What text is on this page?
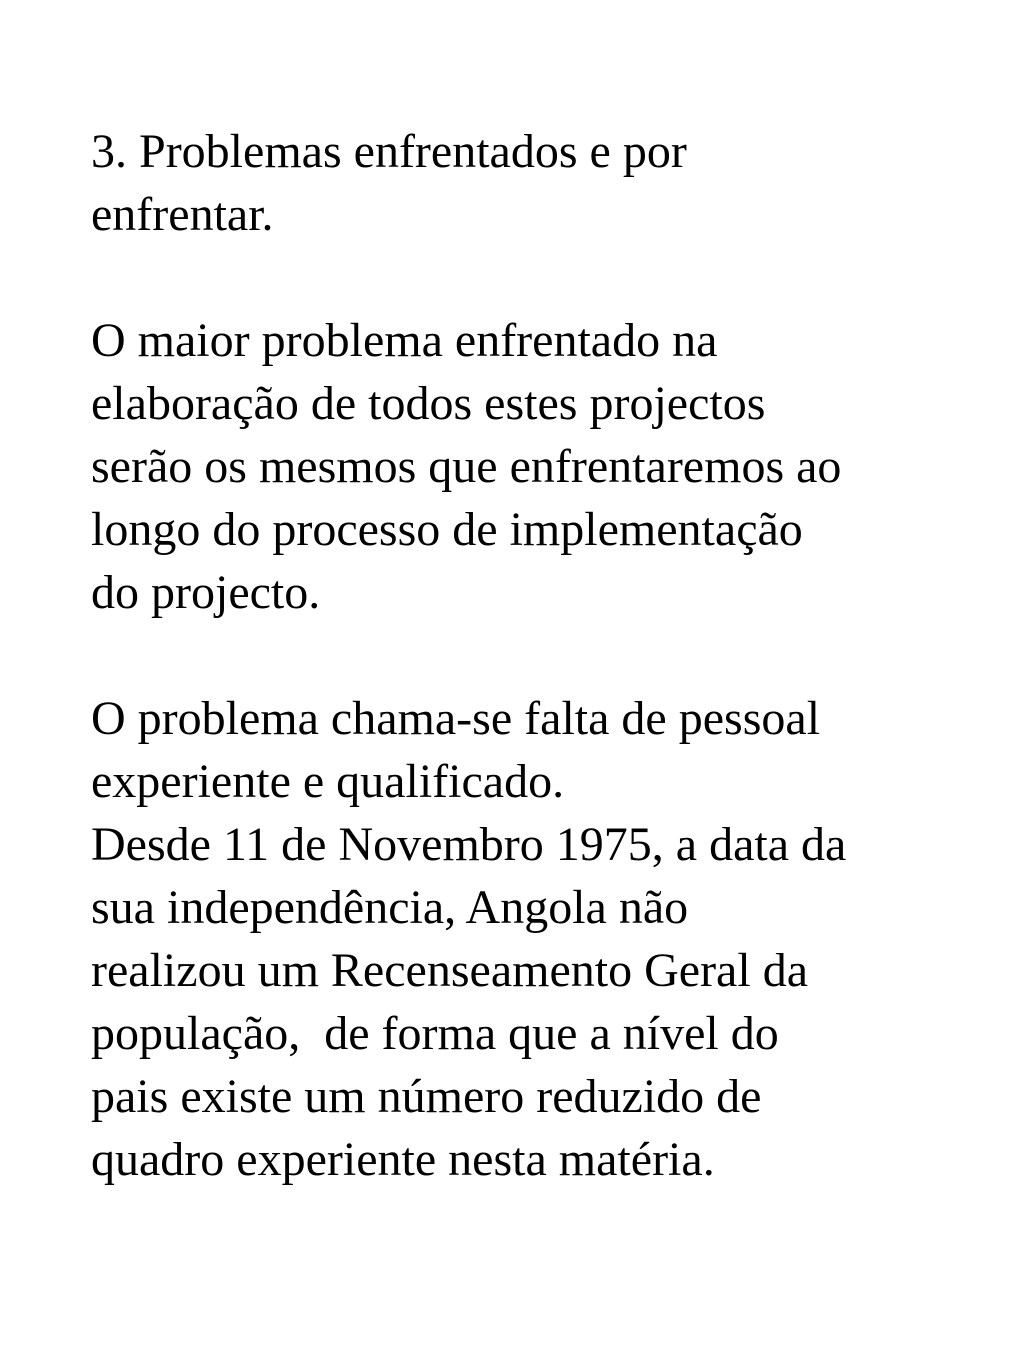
3. Problemas enfrentados e por
enfrentar.
O maior problema enfrentado na
elaboração de todos estes projectos
serão os mesmos que enfrentaremos ao
longo do processo de implementação
do projecto.
O problema chama-se falta de pessoal
experiente e qualificado.
Desde 11 de Novembro 1975, a data da
sua independência, Angola não
realizou um Recenseamento Geral da
população,  de forma que a nível do
pais existe um número reduzido de
quadro experiente nesta matéria.
